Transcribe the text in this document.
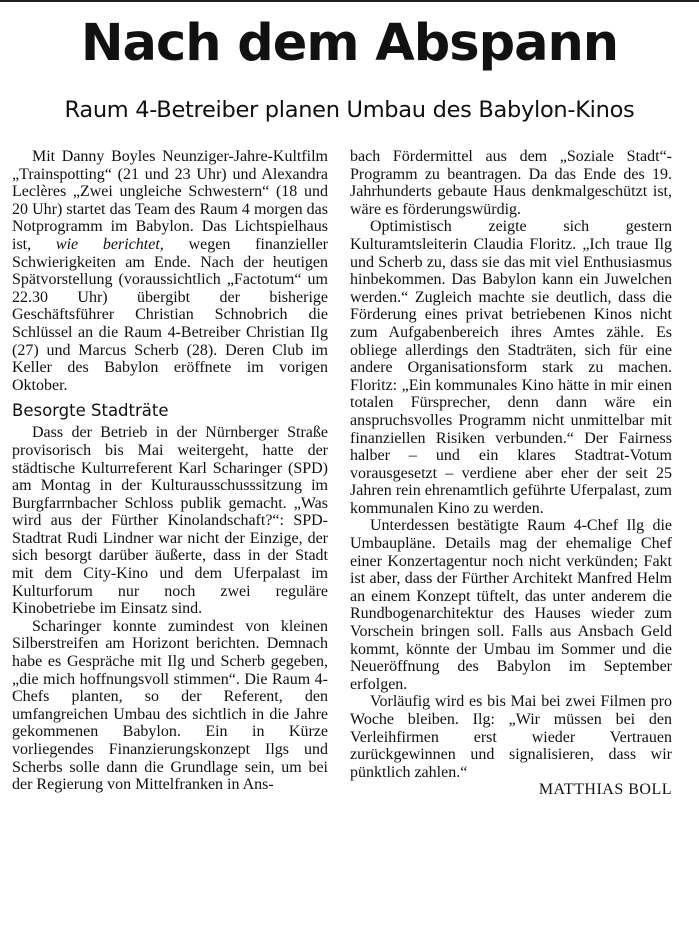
Nach dem Abspann
Raum 4-Betreiber planen Umbau des Babylon-Kinos

Mit Danny Boyles Neunziger-Jahre-Kultfilm „Trainspotting“ (21 und 23 Uhr) und Alexandra Leclères „Zwei ungleiche Schwestern“ (18 und 20 Uhr) startet das Team des Raum 4 morgen das Notprogramm im Babylon. Das Lichtspielhaus ist, wie berichtet, wegen finanzieller Schwierigkeiten am Ende. Nach der heutigen Spätvorstellung (voraussichtlich „Factotum“ um 22.30 Uhr) übergibt der bisherige Geschäftsführer Christian Schnobrich die Schlüssel an die Raum 4-Betreiber Christian Ilg (27) und Marcus Scherb (28). Deren Club im Keller des Babylon eröffnete im vorigen Oktober.

Besorgte Stadträte

Dass der Betrieb in der Nürnberger Straße provisorisch bis Mai weitergeht, hatte der städtische Kulturreferent Karl Scharinger (SPD) am Montag in der Kulturausschusssitzung im Burgfarrnbacher Schloss publik gemacht. „Was wird aus der Fürther Kinolandschaft?“: SPD-Stadtrat Rudi Lindner war nicht der Einzige, der sich besorgt darüber äußerte, dass in der Stadt mit dem City-Kino und dem Uferpalast im Kulturforum nur noch zwei reguläre Kinobetriebe im Einsatz sind.

Scharinger konnte zumindest von kleinen Silberstreifen am Horizont berichten. Demnach habe es Gespräche mit Ilg und Scherb gegeben, „die mich hoffnungsvoll stimmen“. Die Raum 4-Chefs planten, so der Referent, den umfangreichen Umbau des sichtlich in die Jahre gekommenen Babylon. Ein in Kürze vorliegendes Finanzierungskonzept Ilgs und Scherbs solle dann die Grundlage sein, um bei der Regierung von Mittelfranken in Ans-

bach Fördermittel aus dem „Soziale Stadt“-Programm zu beantragen. Da das Ende des 19. Jahrhunderts gebaute Haus denkmalgeschützt ist, wäre es förderungswürdig.

Optimistisch zeigte sich gestern Kulturamtsleiterin Claudia Floritz. „Ich traue Ilg und Scherb zu, dass sie das mit viel Enthusiasmus hinbekommen. Das Babylon kann ein Juwelchen werden.“ Zugleich machte sie deutlich, dass die Förderung eines privat betriebenen Kinos nicht zum Aufgabenbereich ihres Amtes zähle. Es obliege allerdings den Stadträten, sich für eine andere Organisationsform stark zu machen. Floritz: „Ein kommunales Kino hätte in mir einen totalen Fürsprecher, denn dann wäre ein anspruchsvolles Programm nicht unmittelbar mit finanziellen Risiken verbunden.“ Der Fairness halber – und ein klares Stadtrat-Votum vorausgesetzt – verdiene aber eher der seit 25 Jahren rein ehrenamtlich geführte Uferpalast, zum kommunalen Kino zu werden.

Unterdessen bestätigte Raum 4-Chef Ilg die Umbaupläne. Details mag der ehemalige Chef einer Konzertagentur noch nicht verkünden; Fakt ist aber, dass der Fürther Architekt Manfred Helm an einem Konzept tüftelt, das unter anderem die Rundbogenarchitektur des Hauses wieder zum Vorschein bringen soll. Falls aus Ansbach Geld kommt, könnte der Umbau im Sommer und die Neueröffnung des Babylon im September erfolgen.

Vorläufig wird es bis Mai bei zwei Filmen pro Woche bleiben. Ilg: „Wir müssen bei den Verleihfirmen erst wieder Vertrauen zurückgewinnen und signalisieren, dass wir pünktlich zahlen.“
MATTHIAS BOLL
